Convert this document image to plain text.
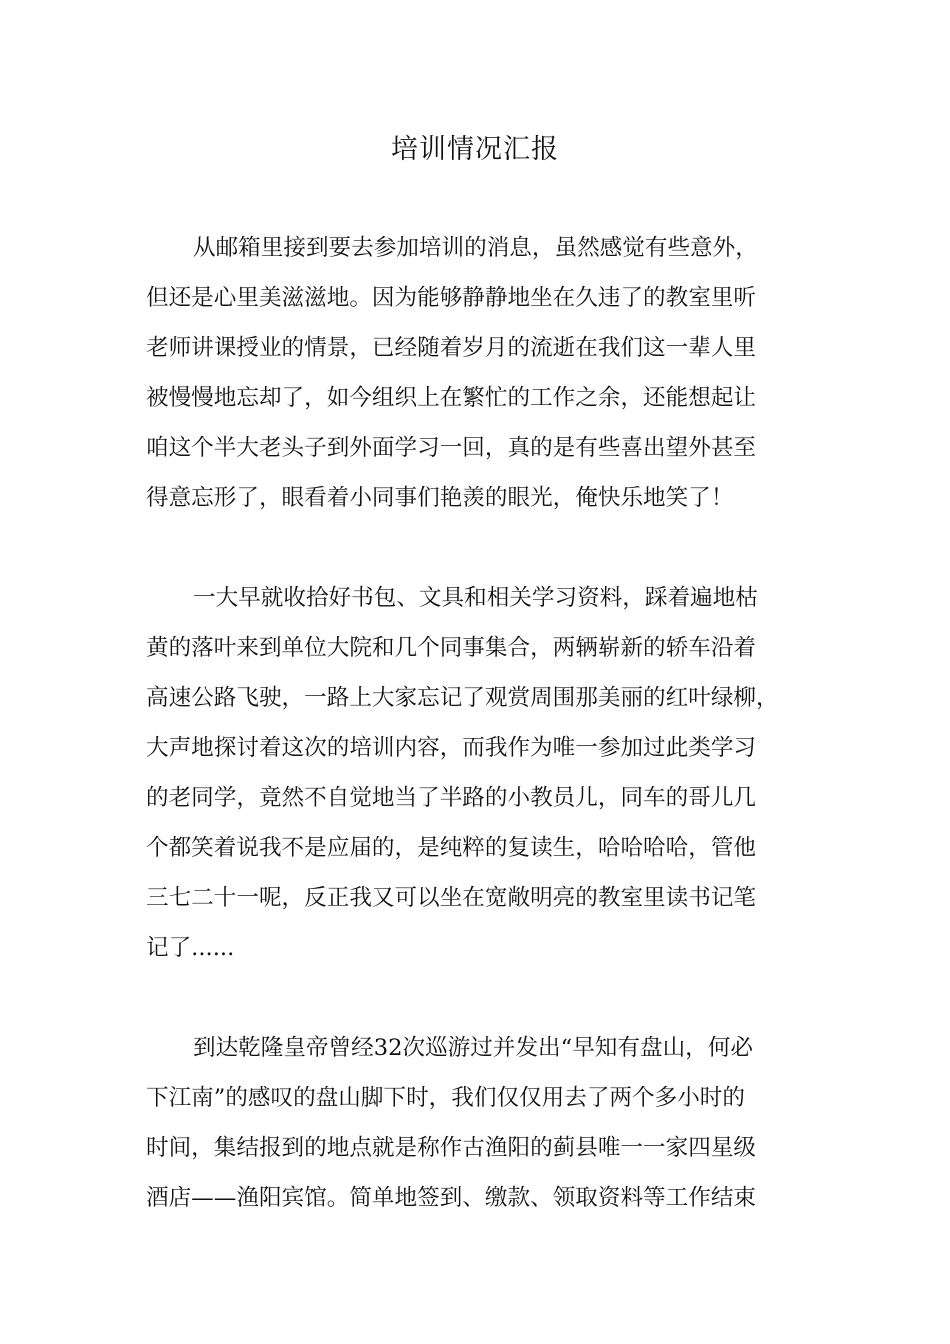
培训情况汇报

从邮箱里接到要去参加培训的消息，虽然感觉有些意外，

但还是心里美滋滋地。因为能够静静地坐在久违了的教室里听

老师讲课授业的情景，已经随着岁月的流逝在我们这一辈人里

被慢慢地忘却了，如今组织上在繁忙的工作之余，还能想起让

咱这个半大老头子到外面学习一回，真的是有些喜出望外甚至

得意忘形了，眼看着小同事们艳羡的眼光，俺快乐地笑了！

一大早就收拾好书包、文具和相关学习资料，踩着遍地枯

黄的落叶来到单位大院和几个同事集合，两辆崭新的轿车沿着

高速公路飞驶，一路上大家忘记了观赏周围那美丽的红叶绿柳，

大声地探讨着这次的培训内容，而我作为唯一参加过此类学习

的老同学，竟然不自觉地当了半路的小教员儿，同车的哥儿几

个都笑着说我不是应届的，是纯粹的复读生，哈哈哈哈，管他

三七二十一呢，反正我又可以坐在宽敞明亮的教室里读书记笔

记了......

到达乾隆皇帝曾经32次巡游过并发出“早知有盘山，何必

下江南”的感叹的盘山脚下时，我们仅仅用去了两个多小时的

时间，集结报到的地点就是称作古渔阳的蓟县唯一一家四星级

酒店——渔阳宾馆。简单地签到、缴款、领取资料等工作结束
